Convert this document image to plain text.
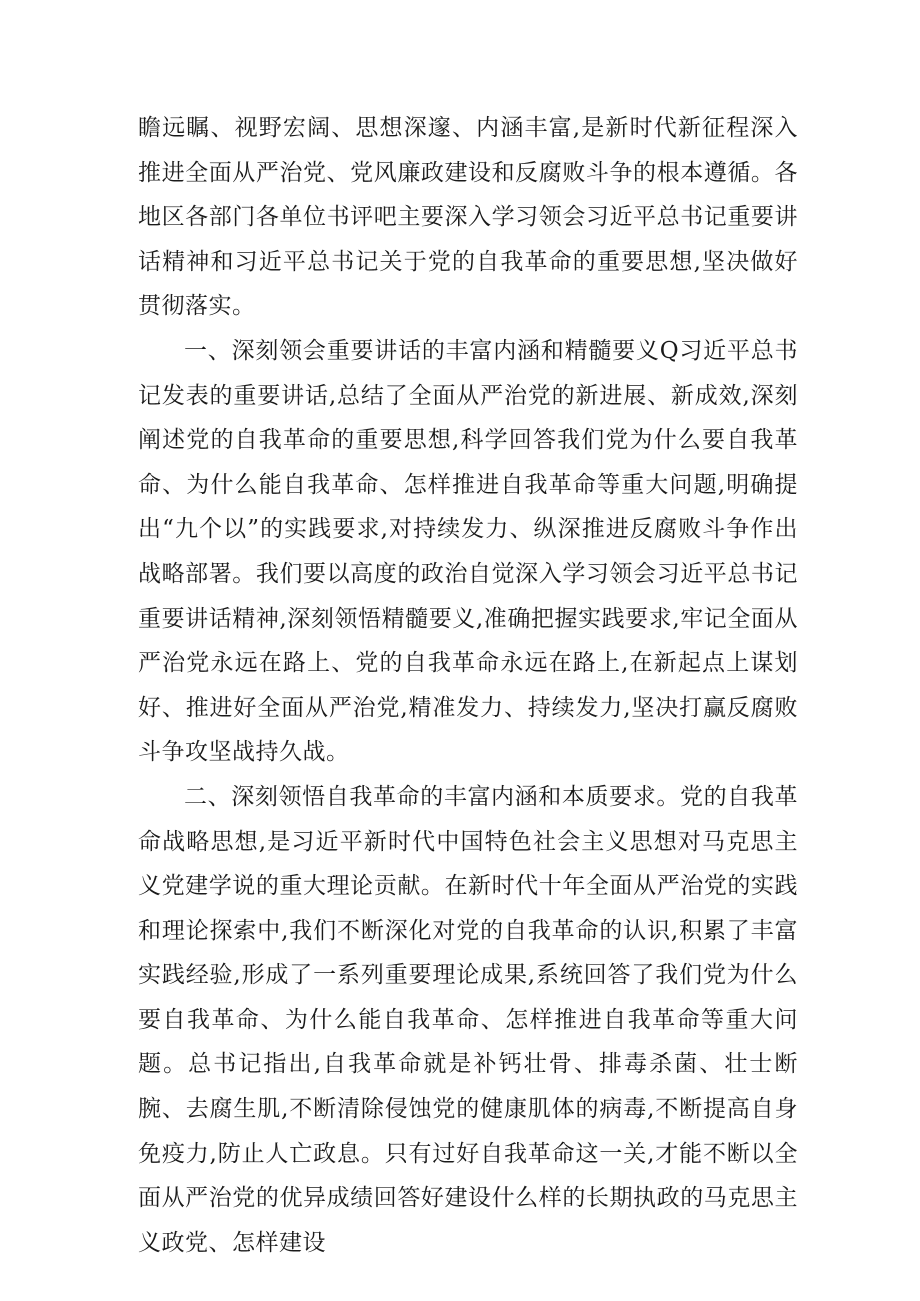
瞻远瞩、视野宏阔、思想深邃、内涵丰富,是新时代新征程深入推进全面从严治党、党风廉政建设和反腐败斗争的根本遵循。各地区各部门各单位书评吧主要深入学习领会习近平总书记重要讲话精神和习近平总书记关于党的自我革命的重要思想,坚决做好贯彻落实。

一、深刻领会重要讲话的丰富内涵和精髓要义Q习近平总书记发表的重要讲话,总结了全面从严治党的新进展、新成效,深刻阐述党的自我革命的重要思想,科学回答我们党为什么要自我革命、为什么能自我革命、怎样推进自我革命等重大问题,明确提出“九个以”的实践要求,对持续发力、纵深推进反腐败斗争作出战略部署。我们要以高度的政治自觉深入学习领会习近平总书记重要讲话精神,深刻领悟精髓要义,准确把握实践要求,牢记全面从严治党永远在路上、党的自我革命永远在路上,在新起点上谋划好、推进好全面从严治党,精准发力、持续发力,坚决打赢反腐败斗争攻坚战持久战。

二、深刻领悟自我革命的丰富内涵和本质要求。党的自我革命战略思想,是习近平新时代中国特色社会主义思想对马克思主义党建学说的重大理论贡献。在新时代十年全面从严治党的实践和理论探索中,我们不断深化对党的自我革命的认识,积累了丰富实践经验,形成了一系列重要理论成果,系统回答了我们党为什么要自我革命、为什么能自我革命、怎样推进自我革命等重大问题。总书记指出,自我革命就是补钙壮骨、排毒杀菌、壮士断腕、去腐生肌,不断清除侵蚀党的健康肌体的病毒,不断提高自身免疫力,防止人亡政息。只有过好自我革命这一关,才能不断以全面从严治党的优异成绩回答好建设什么样的长期执政的马克思主义政党、怎样建设
